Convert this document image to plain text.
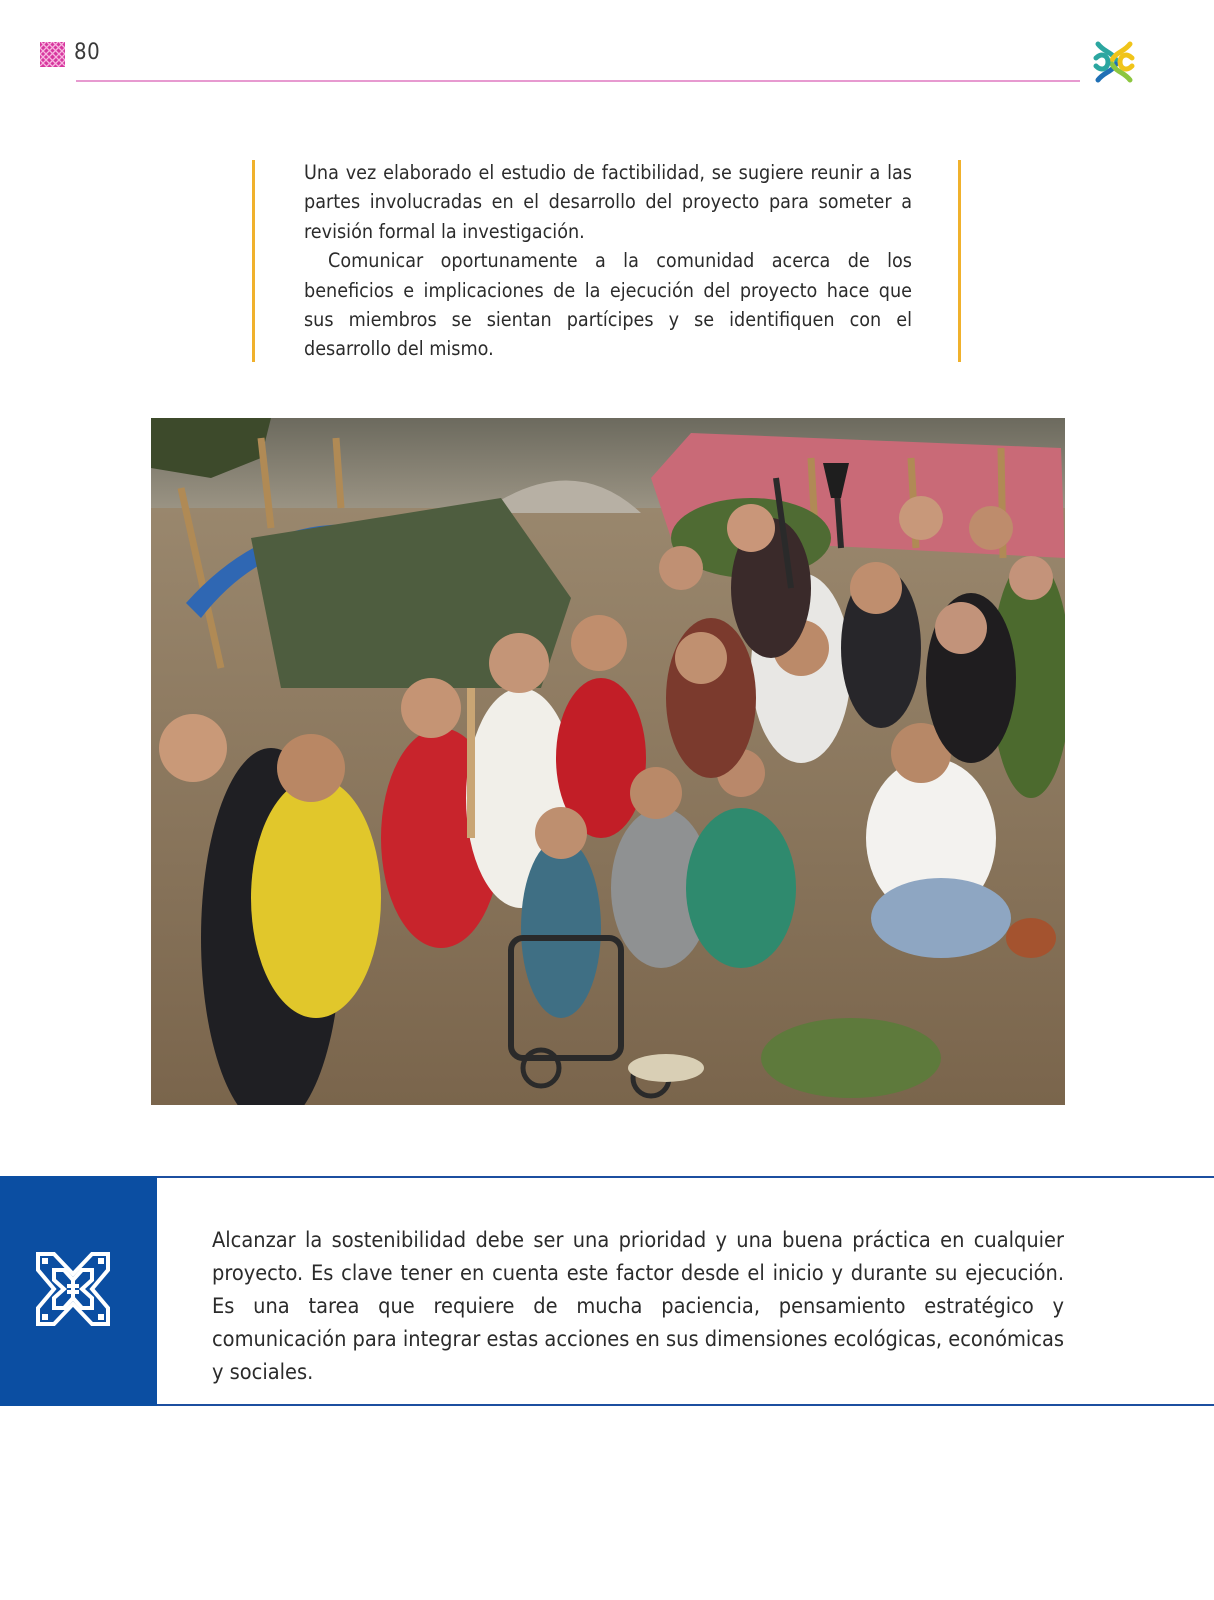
80

Una vez elaborado el estudio de factibilidad, se sugiere reunir a las partes involucradas en el desarrollo del proyecto para someter a revisión formal la investigación.

Comunicar oportunamente a la comunidad acerca de los beneficios e implicaciones de la ejecución del proyecto hace que sus miembros se sientan partícipes y se identifiquen con el desarrollo del mismo.

Alcanzar la sostenibilidad debe ser una prioridad y una buena práctica en cualquier proyecto. Es clave tener en cuenta este factor desde el inicio y durante su ejecución. Es una tarea que requiere de mucha paciencia, pensamiento estratégico y comunicación para integrar estas acciones en sus dimensiones ecológicas, económicas y sociales.
